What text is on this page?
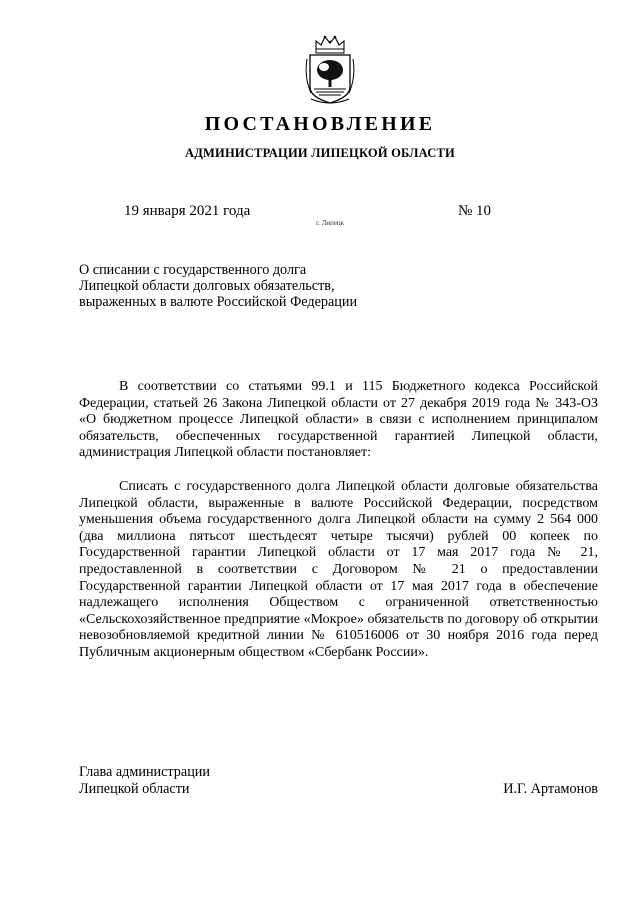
ПОСТАНОВЛЕНИЕ
АДМИНИСТРАЦИИ ЛИПЕЦКОЙ ОБЛАСТИ
19 января 2021 года
г. Липецк
№ 10
О списании с государственного долга
Липецкой области долговых обязательств,
выраженных в валюте Российской Федерации

В соответствии со статьями 99.1 и 115 Бюджетного кодекса Российской Федерации, статьей 26 Закона Липецкой области от 27 декабря 2019 года № 343-ОЗ «О бюджетном процессе Липецкой области» в связи с исполнением принципалом обязательств, обеспеченных государственной гарантией Липецкой области, администрация Липецкой области постановляет:

Списать с государственного долга Липецкой области долговые обязательства Липецкой области, выраженные в валюте Российской Федерации, посредством уменьшения объема государственного долга Липецкой области на сумму 2 564 000 (два миллиона пятьсот шестьдесят четыре тысячи) рублей 00 копеек по Государственной гарантии Липецкой области от 17 мая 2017 года № 21, предоставленной в соответствии с Договором № 21 о предоставлении Государственной гарантии Липецкой области от 17 мая 2017 года в обеспечение надлежащего исполнения Обществом с ограниченной ответственностью «Сельскохозяйственное предприятие «Мокрое» обязательств по договору об открытии невозобновляемой кредитной линии № 610516006 от 30 ноября 2016 года перед Публичным акционерным обществом «Сбербанк России».

Глава администрации
Липецкой области	И.Г. Артамонов
